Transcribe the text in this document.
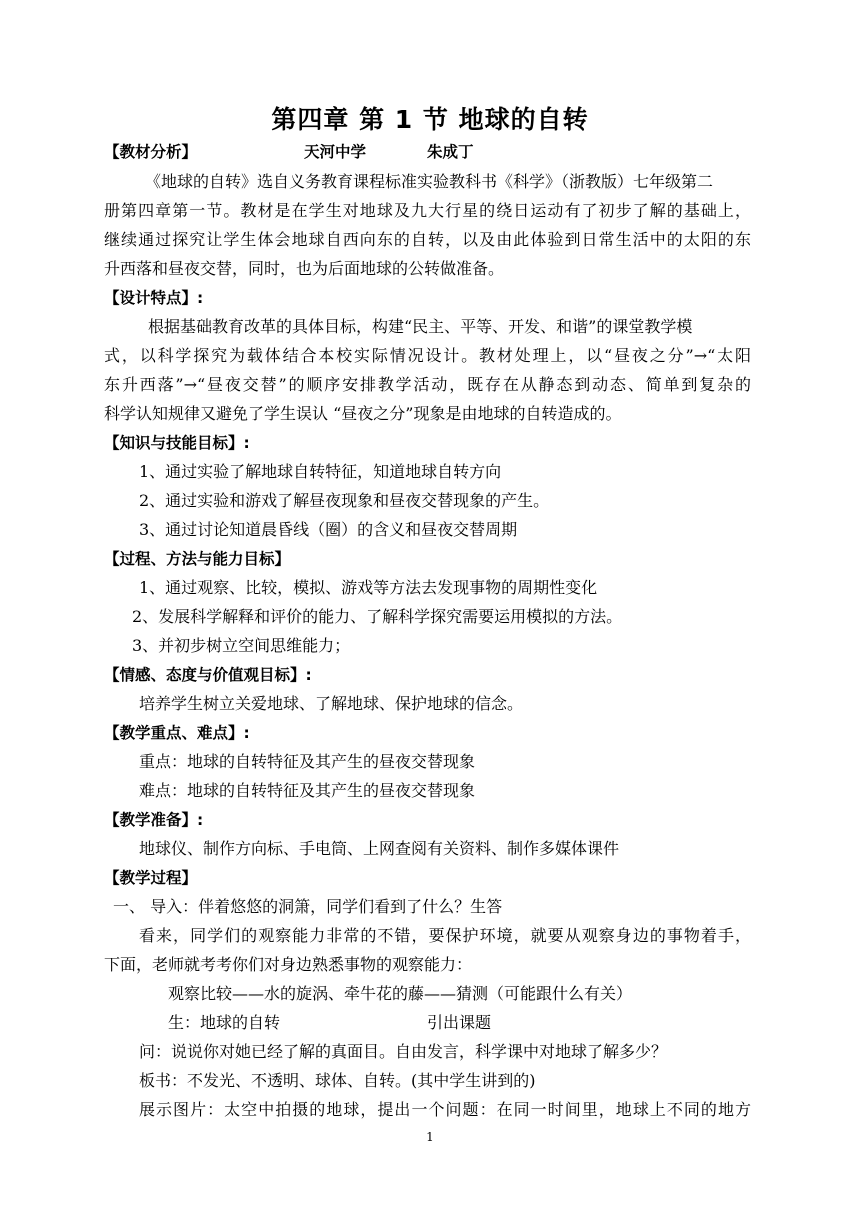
第四章 第 1 节 地球的自转
【教材分析】	天河中学	朱成丁
《地球的自转》选自义务教育课程标准实验教科书《科学》（浙教版）七年级第二
册第四章第一节。教材是在学生对地球及九大行星的绕日运动有了初步了解的基础上，
继续通过探究让学生体会地球自西向东的自转，以及由此体验到日常生活中的太阳的东
升西落和昼夜交替，同时，也为后面地球的公转做准备。
【设计特点】:
根据基础教育改革的具体目标，构建“民主、平等、开发、和谐”的课堂教学模
式，以科学探究为载体结合本校实际情况设计。教材处理上，以“昼夜之分”→“太阳
东升西落”→“昼夜交替”的顺序安排教学活动，既存在从静态到动态、简单到复杂的
科学认知规律又避免了学生误认 “昼夜之分”现象是由地球的自转造成的。
【知识与技能目标】:
1、通过实验了解地球自转特征，知道地球自转方向
2、通过实验和游戏了解昼夜现象和昼夜交替现象的产生。
3、通过讨论知道晨昏线（圈）的含义和昼夜交替周期
【过程、方法与能力目标】
1、通过观察、比较，模拟、游戏等方法去发现事物的周期性变化
2、发展科学解释和评价的能力、了解科学探究需要运用模拟的方法。
3、并初步树立空间思维能力；
【情感、态度与价值观目标】:
培养学生树立关爱地球、了解地球、保护地球的信念。
【教学重点、难点】:
重点：地球的自转特征及其产生的昼夜交替现象
难点：地球的自转特征及其产生的昼夜交替现象
【教学准备】:
地球仪、制作方向标、手电筒、上网查阅有关资料、制作多媒体课件
【教学过程】
一、 导入：伴着悠悠的洞箫，同学们看到了什么？生答
看来，同学们的观察能力非常的不错，要保护环境，就要从观察身边的事物着手，
下面，老师就考考你们对身边熟悉事物的观察能力：
观察比较——水的旋涡、牵牛花的藤——猜测（可能跟什么有关）
生：地球的自转	引出课题
问：说说你对她已经了解的真面目。自由发言，科学课中对地球了解多少？
板书：不发光、不透明、球体、自转。(其中学生讲到的)
展示图片：太空中拍摄的地球，提出一个问题：在同一时间里，地球上不同的地方
1
